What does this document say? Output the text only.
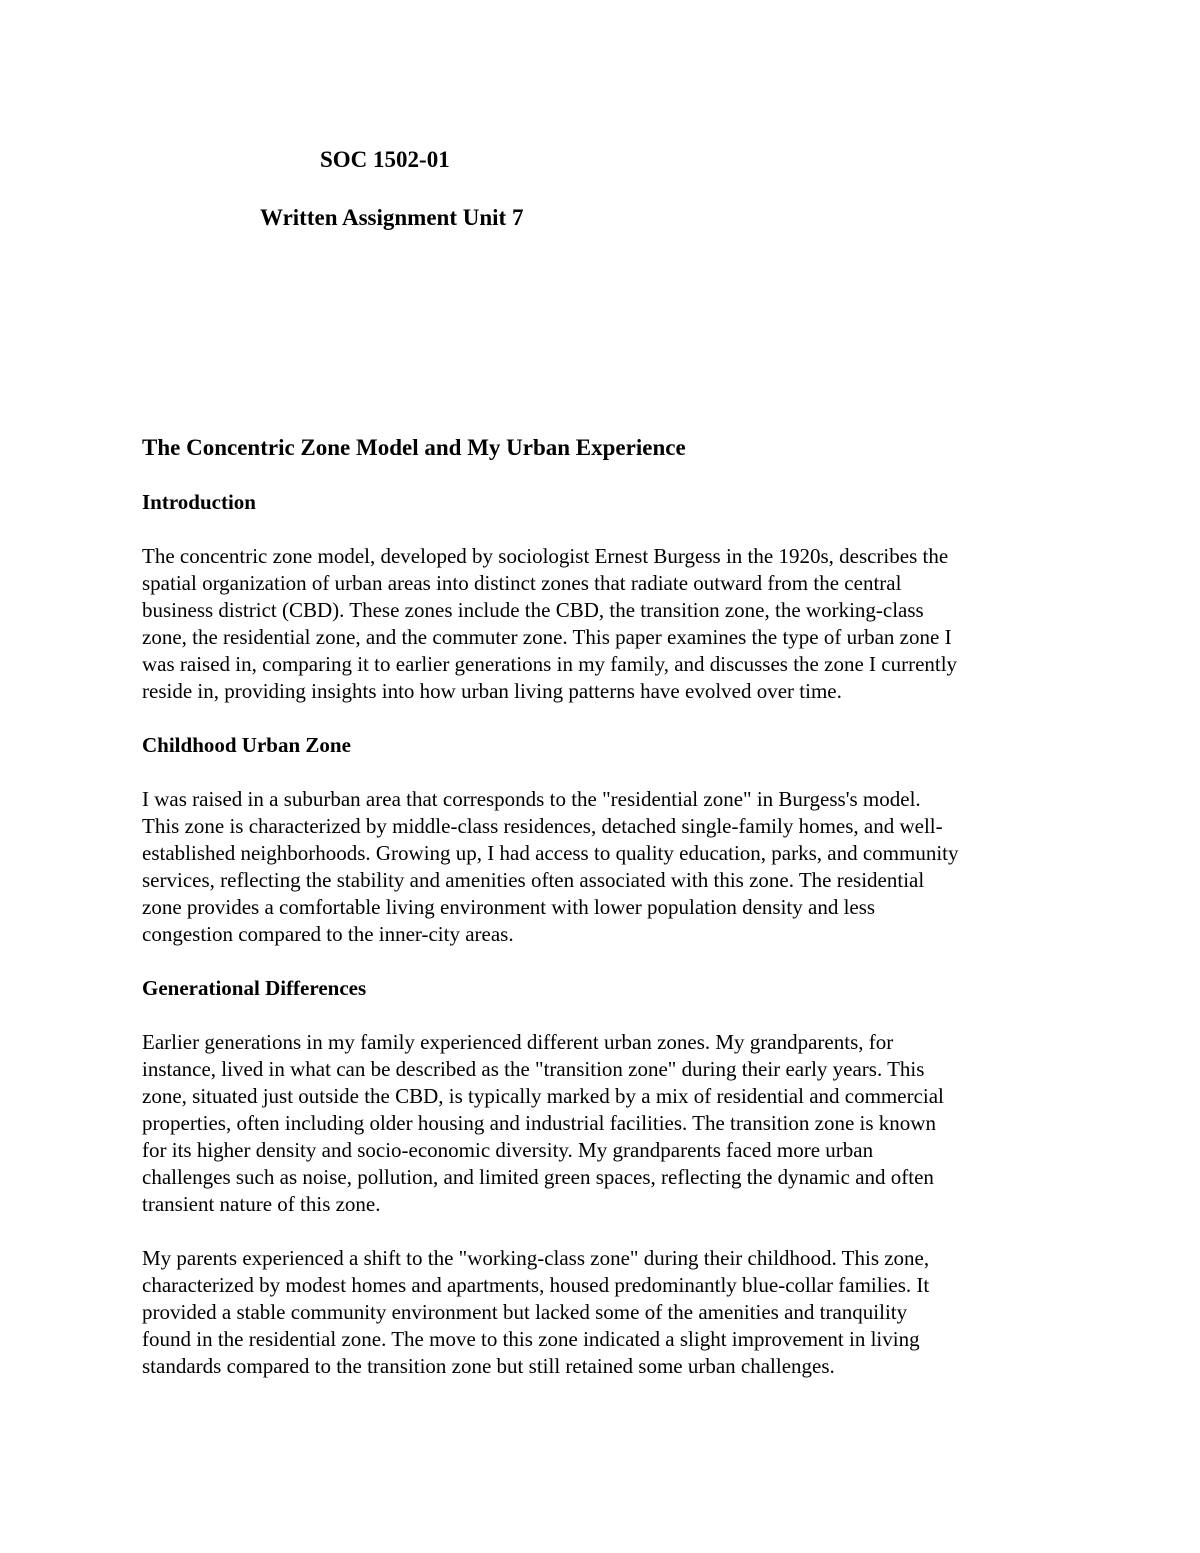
SOC 1502-01
Written Assignment Unit 7
The Concentric Zone Model and My Urban Experience
Introduction

The concentric zone model, developed by sociologist Ernest Burgess in the 1920s, describes the
spatial organization of urban areas into distinct zones that radiate outward from the central
business district (CBD). These zones include the CBD, the transition zone, the working-class
zone, the residential zone, and the commuter zone. This paper examines the type of urban zone I
was raised in, comparing it to earlier generations in my family, and discusses the zone I currently
reside in, providing insights into how urban living patterns have evolved over time.

Childhood Urban Zone

I was raised in a suburban area that corresponds to the "residential zone" in Burgess's model.
This zone is characterized by middle-class residences, detached single-family homes, and well-
established neighborhoods. Growing up, I had access to quality education, parks, and community
services, reflecting the stability and amenities often associated with this zone. The residential
zone provides a comfortable living environment with lower population density and less
congestion compared to the inner-city areas.

Generational Differences

Earlier generations in my family experienced different urban zones. My grandparents, for
instance, lived in what can be described as the "transition zone" during their early years. This
zone, situated just outside the CBD, is typically marked by a mix of residential and commercial
properties, often including older housing and industrial facilities. The transition zone is known
for its higher density and socio-economic diversity. My grandparents faced more urban
challenges such as noise, pollution, and limited green spaces, reflecting the dynamic and often
transient nature of this zone.

My parents experienced a shift to the "working-class zone" during their childhood. This zone,
characterized by modest homes and apartments, housed predominantly blue-collar families. It
provided a stable community environment but lacked some of the amenities and tranquility
found in the residential zone. The move to this zone indicated a slight improvement in living
standards compared to the transition zone but still retained some urban challenges.
